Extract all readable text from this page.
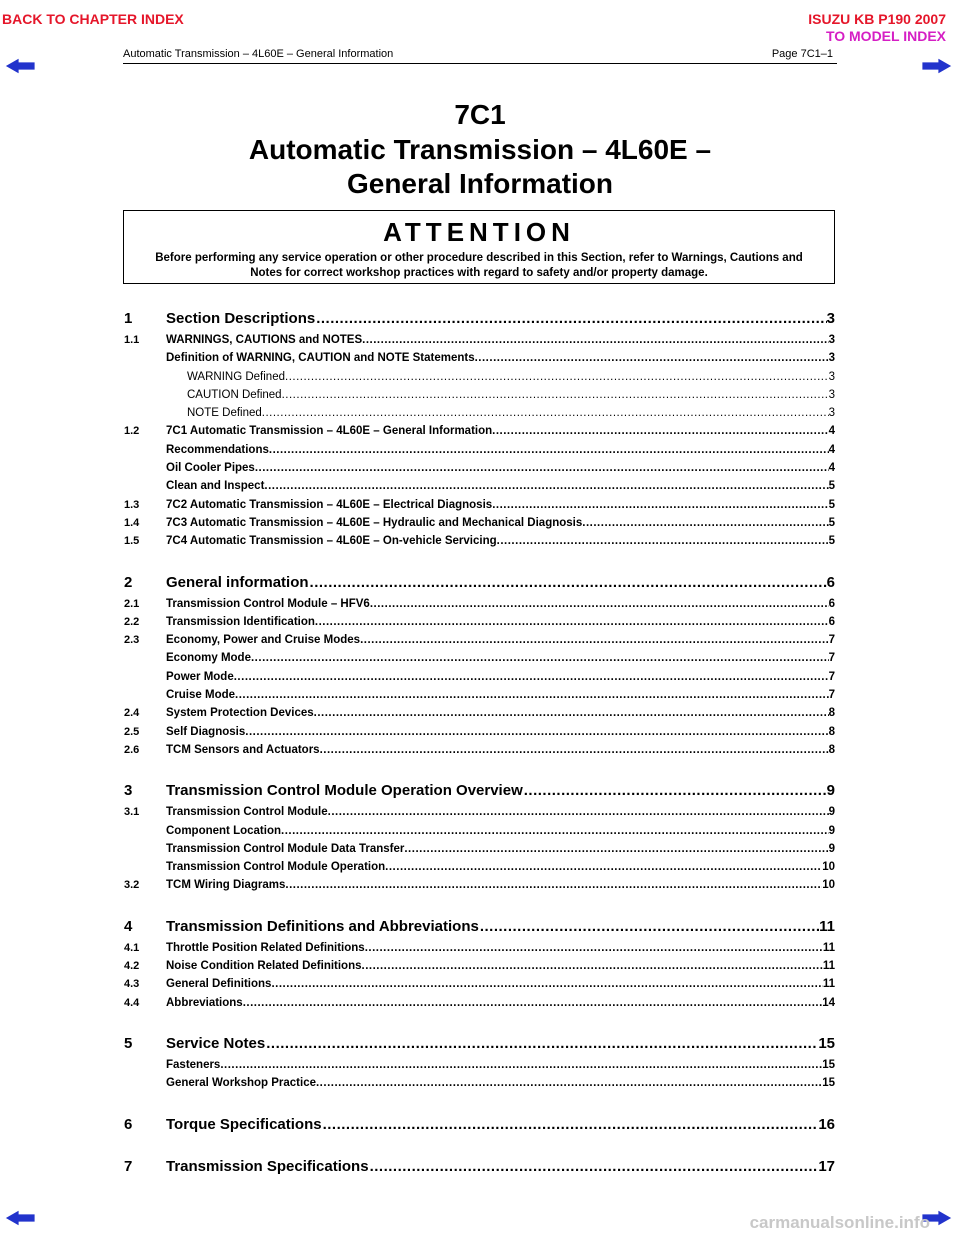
BACK TO CHAPTER INDEX	ISUZU KB P190 2007
TO MODEL INDEX
Automatic Transmission – 4L60E – General Information	Page 7C1–1
7C1
Automatic Transmission – 4L60E –
General Information
ATTENTION
Before performing any service operation or other procedure described in this Section, refer to Warnings, Cautions and Notes for correct workshop practices with regard to safety and/or property damage.
1	Section Descriptions .....	3
1.1	WARNINGS, CAUTIONS and NOTES .....	3
Definition of WARNING, CAUTION and NOTE Statements .....	3
WARNING Defined .....	3
CAUTION Defined .....	3
NOTE Defined .....	3
1.2	7C1 Automatic Transmission – 4L60E – General Information .....	4
Recommendations .....	4
Oil Cooler Pipes .....	4
Clean and Inspect .....	5
1.3	7C2 Automatic Transmission – 4L60E – Electrical Diagnosis .....	5
1.4	7C3 Automatic Transmission – 4L60E – Hydraulic and Mechanical Diagnosis .....	5
1.5	7C4 Automatic Transmission – 4L60E – On-vehicle Servicing .....	5
2	General information .....	6
2.1	Transmission Control Module – HFV6 .....	6
2.2	Transmission Identification .....	6
2.3	Economy, Power and Cruise Modes .....	7
Economy Mode .....	7
Power Mode .....	7
Cruise Mode .....	7
2.4	System Protection Devices .....	8
2.5	Self Diagnosis .....	8
2.6	TCM Sensors and Actuators .....	8
3	Transmission Control Module Operation Overview .....	9
3.1	Transmission Control Module .....	9
Component Location .....	9
Transmission Control Module Data Transfer .....	9
Transmission Control Module Operation .....	10
3.2	TCM Wiring Diagrams .....	10
4	Transmission Definitions and Abbreviations .....	11
4.1	Throttle Position Related Definitions .....	11
4.2	Noise Condition Related Definitions .....	11
4.3	General Definitions .....	11
4.4	Abbreviations .....	14
5	Service Notes .....	15
Fasteners .....	15
General Workshop Practice .....	15
6	Torque Specifications .....	16
7	Transmission Specifications .....	17
carmanualsonline.info
